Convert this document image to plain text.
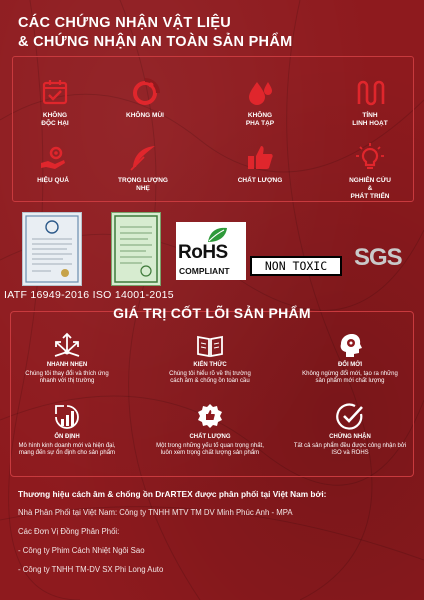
CÁC CHỨNG NHẬN VẬT LIỆU
& CHỨNG NHẬN AN TOÀN SẢN PHẨM
KHÔNG
ĐỘC HẠI
KHÔNG MÙI	KHÔNG
PHA TẠP
TÍNH
LINH HOẠT
HIỆU QUẢ	TRỌNG LƯỢNG
NHẸ
CHẤT LƯỢNG	NGHIÊN CỨU
&
PHÁT TRIỂN
RoHS
COMPLIANT	NON TOXIC	SGS
IATF 16949-2016 ISO 14001-2015
GIÁ TRỊ CỐT LÕI SẢN PHẨM
NHANH NHẸN
Chúng tôi thay đổi và thích ứng
nhanh với thị trường
KIẾN THỨC
Chúng tôi hiểu rõ về thị trường
cách âm & chống ồn toàn cầu
ĐỔI MỚI
Không ngừng đổi mới, tạo ra những
sản phẩm mới chất lượng
ỔN ĐỊNH
Mô hình kinh doanh mới và hiện đại,
mang đến sự ổn định cho sản phẩm
CHẤT LƯỢNG
Một trong những yếu tố quan trọng nhất,
luôn xem trọng chất lượng sản phẩm
CHỨNG NHẬN
Tất cả sản phẩm đều được công nhận bởi
ISO và ROHS
Thương hiệu cách âm & chống ồn DrARTEX được phân phối tại Việt Nam bởi:
Nhà Phân Phối tại Việt Nam: Công ty TNHH MTV TM DV Minh Phúc Anh - MPA
Các Đơn Vị Đồng Phân Phối:
- Công ty Phim Cách Nhiệt Ngôi Sao
- Công ty TNHH TM-DV SX Phi Long Auto
